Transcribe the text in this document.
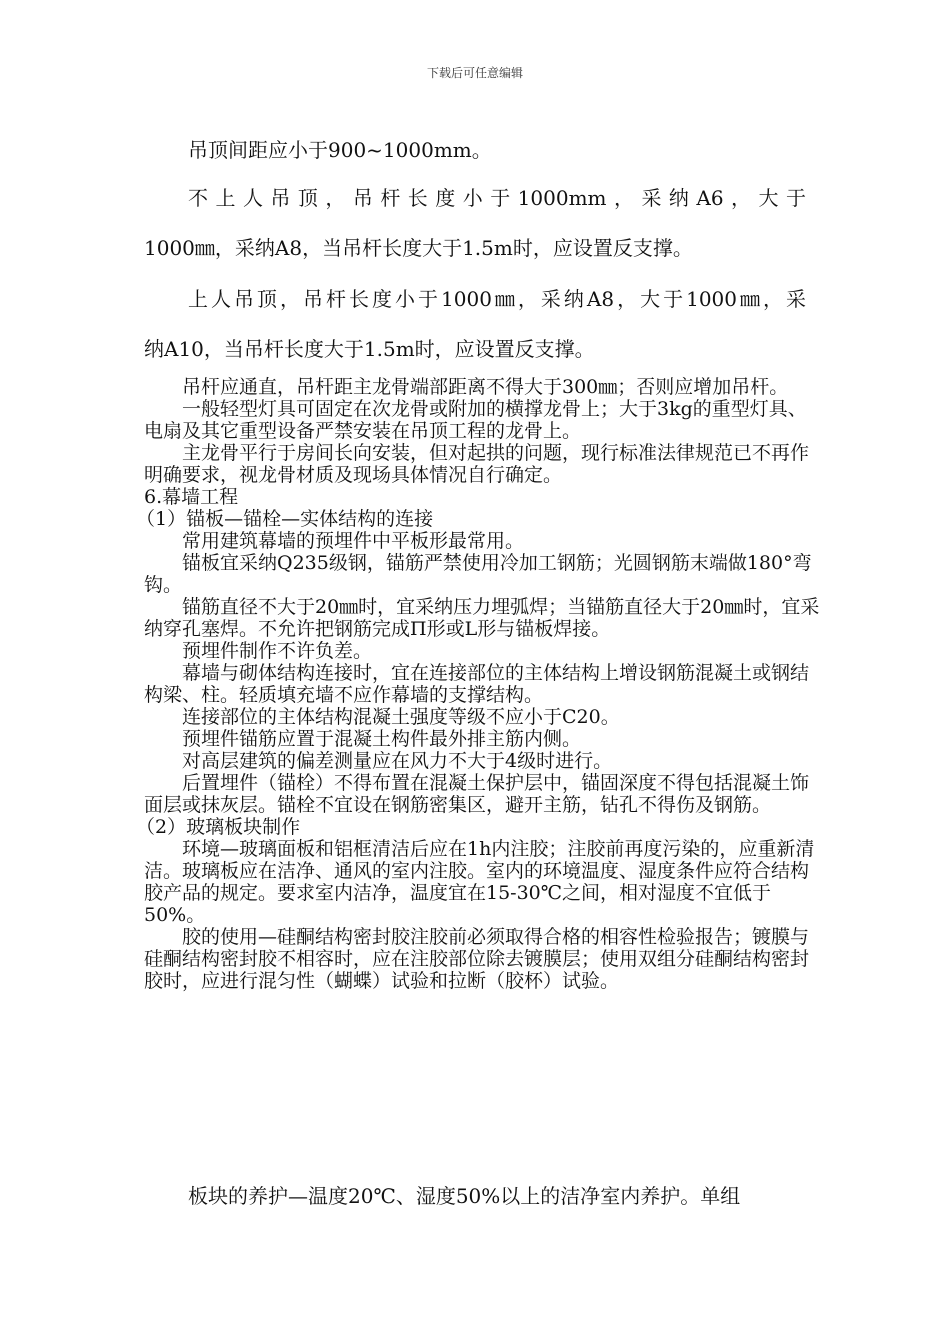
下载后可任意编辑
吊顶间距应小于900~1000mm。
不上人吊顶，吊杆长度小于1000mm，采纳A6，大于
1000㎜，采纳A8，当吊杆长度大于1.5m时，应设置反支撑。
上人吊顶，吊杆长度小于1000㎜，采纳A8，大于1000㎜，采
纳A10，当吊杆长度大于1.5m时，应设置反支撑。

吊杆应通直，吊杆距主龙骨端部距离不得大于300㎜；否则应增加吊杆。

一般轻型灯具可固定在次龙骨或附加的横撑龙骨上；大于3kg的重型灯具、电扇及其它重型设备严禁安装在吊顶工程的龙骨上。

主龙骨平行于房间长向安装，但对起拱的问题，现行标准法律规范已不再作明确要求，视龙骨材质及现场具体情况自行确定。

6.幕墙工程

（1）锚板—锚栓—实体结构的连接

常用建筑幕墙的预埋件中平板形最常用。

锚板宜采纳Q235级钢，锚筋严禁使用冷加工钢筋；光圆钢筋末端做180°弯钩。

锚筋直径不大于20㎜时，宜采纳压力埋弧焊；当锚筋直径大于20㎜时，宜采纳穿孔塞焊。不允许把钢筋完成Π形或L形与锚板焊接。

预埋件制作不许负差。

幕墙与砌体结构连接时，宜在连接部位的主体结构上增设钢筋混凝土或钢结构梁、柱。轻质填充墙不应作幕墙的支撑结构。

连接部位的主体结构混凝土强度等级不应小于C20。

预埋件锚筋应置于混凝土构件最外排主筋内侧。

对高层建筑的偏差测量应在风力不大于4级时进行。

后置埋件（锚栓）不得布置在混凝土保护层中，锚固深度不得包括混凝土饰面层或抹灰层。锚栓不宜设在钢筋密集区，避开主筋，钻孔不得伤及钢筋。

（2）玻璃板块制作

环境—玻璃面板和铝框清洁后应在1h内注胶；注胶前再度污染的，应重新清洁。玻璃板应在洁净、通风的室内注胶。室内的环境温度、湿度条件应符合结构胶产品的规定。要求室内洁净，温度宜在15-30℃之间，相对湿度不宜低于50%。

胶的使用—硅酮结构密封胶注胶前必须取得合格的相容性检验报告；镀膜与硅酮结构密封胶不相容时，应在注胶部位除去镀膜层；使用双组分硅酮结构密封胶时，应进行混匀性（蝴蝶）试验和拉断（胶杯）试验。

板块的养护—温度20℃、湿度50%以上的洁净室内养护。单组
